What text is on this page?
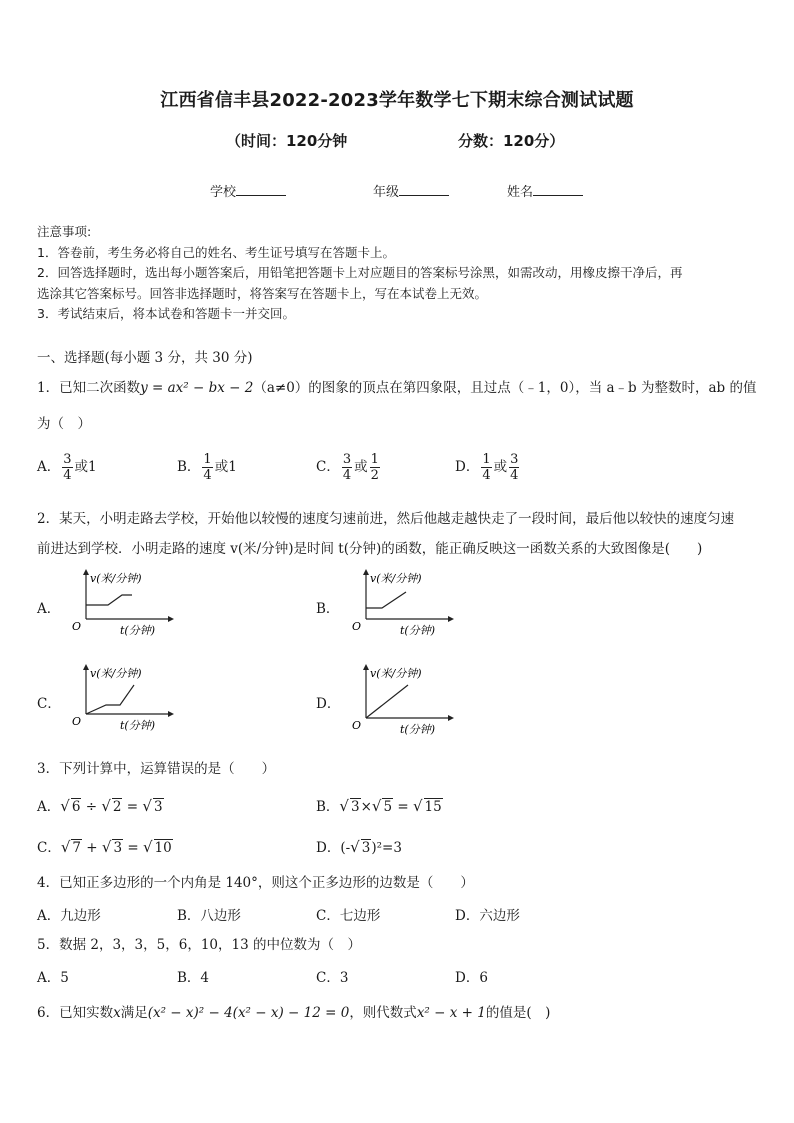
江西省信丰县2022-2023学年数学七下期末综合测试试题
（时间：120分钟	分数：120分）
学校	年级	姓名
注意事项:
1．答卷前，考生务必将自己的姓名、考生证号填写在答题卡上。
2．回答选择题时，选出每小题答案后，用铅笔把答题卡上对应题目的答案标号涂黑，如需改动，用橡皮擦干净后，再
选涂其它答案标号。回答非选择题时，将答案写在答题卡上，写在本试卷上无效。
3．考试结束后，将本试卷和答题卡一并交回。
一、选择题(每小题 3 分，共 30 分)
1．已知二次函数y = ax² − bx − 2（a≠0）的图象的顶点在第四象限，且过点（﹣1，0），当 a﹣b 为整数时，ab 的值
为（　）
A． $\frac{3}{4}$ 或1	B． $\frac{1}{4}$ 或1	C． $\frac{3}{4}$ 或 $\frac{1}{2}$	D． $\frac{1}{4}$ 或 $\frac{3}{4}$
2．某天，小明走路去学校，开始他以较慢的速度匀速前进，然后他越走越快走了一段时间，最后他以较快的速度匀速
前进达到学校．小明走路的速度 v(米/分钟)是时间 t(分钟)的函数，能正确反映这一函数关系的大致图像是(　　)
A．
v(米/分钟)
O	t(分钟)
B．
v(米/分钟)
O	t(分钟)
C．
v(米/分钟)
O	t(分钟)
D．
v(米/分钟)
O	t(分钟)
3．下列计算中，运算错误的是（　　）
A．√ 6 ÷ √ 2 = √ 3	B．√ 3×√ 5 = √ 15
C．√ 7 + √ 3 = √ 10	D．(-√ 3)²=3
4．已知正多边形的一个内角是 140°，则这个正多边形的边数是（　　）
A．九边形	B．八边形	C．七边形	D．六边形
5．数据 2，3，3，5，6，10，13 的中位数为（　）
A．5	B．4	C．3	D．6
6．已知实数x满足(x² − x)² − 4(x² − x) − 12 = 0，则代数式x² − x + 1的值是(　)
